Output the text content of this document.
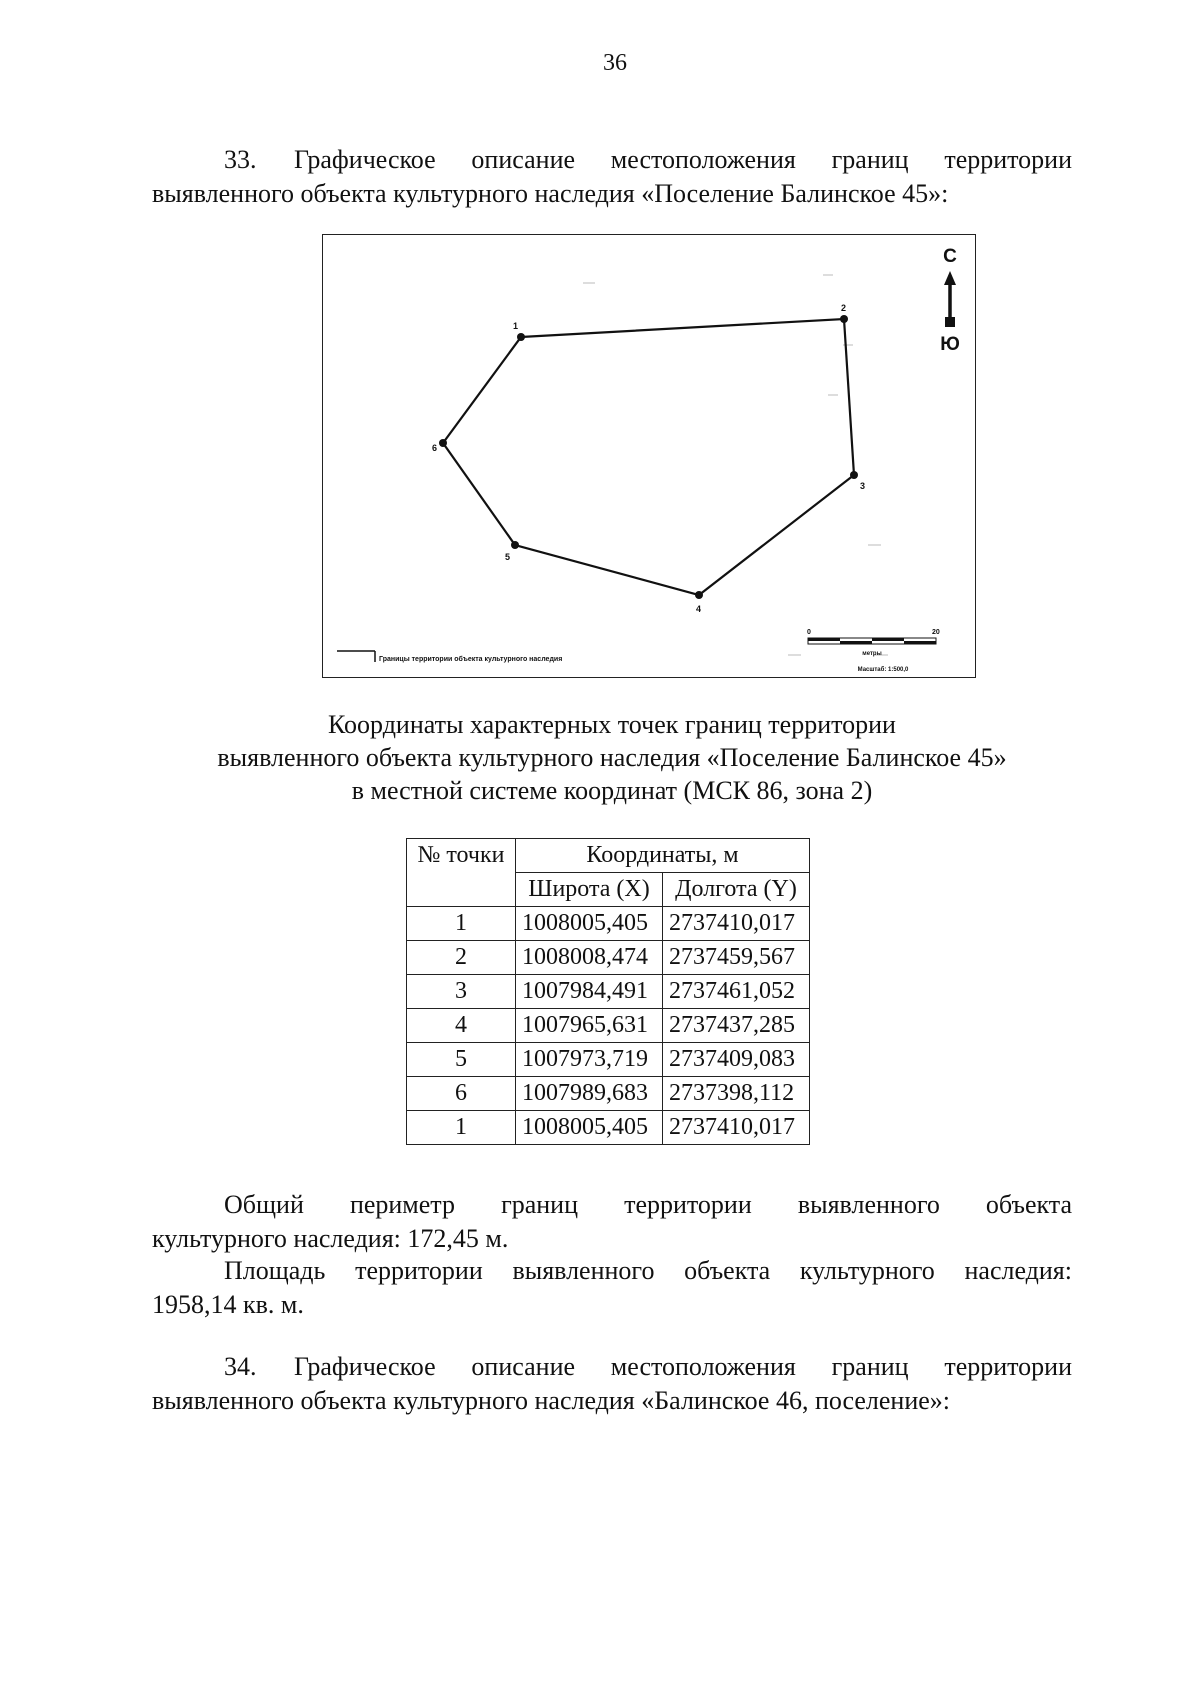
36
33. Графическое описание местоположения границ территории
выявленного объекта культурного наследия «Поселение Балинское 45»:
1
2
3
4
5
6
С
Ю
Границы территории объекта культурного наследия
0	20
метры
Масштаб: 1:500,0
Координаты характерных точек границ территории
выявленного объекта культурного наследия «Поселение Балинское 45»
в местной системе координат (МСК 86, зона 2)
№ точки	Координаты, м	
	Широта (X)	Долгота (Y)
1	1008005,405	2737410,017
2	1008008,474	2737459,567
3	1007984,491	2737461,052
4	1007965,631	2737437,285
5	1007973,719	2737409,083
6	1007989,683	2737398,112
1	1008005,405	2737410,017
Общий периметр границ территории выявленного объекта
культурного наследия: 172,45 м.
Площадь территории выявленного объекта культурного наследия:
1958,14 кв. м.
34. Графическое описание местоположения границ территории
выявленного объекта культурного наследия «Балинское 46, поселение»:
